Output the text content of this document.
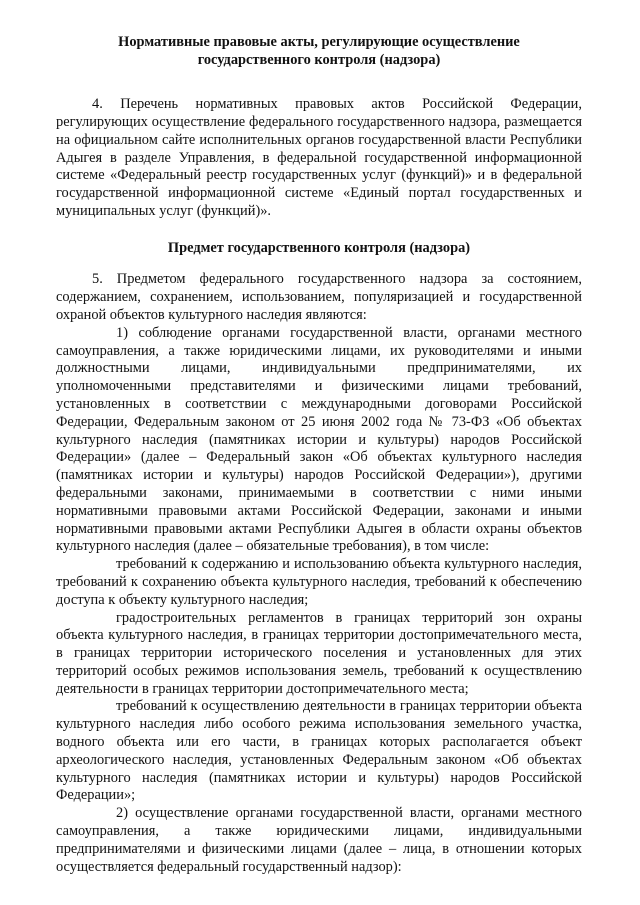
Нормативные правовые акты, регулирующие осуществление
государственного контроля (надзора)

4. Перечень нормативных правовых актов Российской Федерации, регулирующих осуществление федерального государственного надзора, размещается на официальном сайте исполнительных органов государственной власти Республики Адыгея в разделе Управления, в федеральной государственной информационной системе «Федеральный реестр государственных услуг (функций)» и в федеральной государственной информационной системе «Единый портал государственных и муниципальных услуг (функций)».

Предмет государственного контроля (надзора)

5. Предметом федерального государственного надзора за состоянием, содержанием, сохранением, использованием, популяризацией и государственной охраной объектов культурного наследия являются:

1) соблюдение органами государственной власти, органами местного самоуправления, а также юридическими лицами, их руководителями и иными должностными лицами, индивидуальными предпринимателями, их уполномоченными представителями и физическими лицами требований, установленных в соответствии с международными договорами Российской Федерации, Федеральным законом от 25 июня 2002 года № 73-ФЗ «Об объектах культурного наследия (памятниках истории и культуры) народов Российской Федерации» (далее – Федеральный закон «Об объектах культурного наследия (памятниках истории и культуры) народов Российской Федерации»), другими федеральными законами, принимаемыми в соответствии с ними иными нормативными правовыми актами Российской Федерации, законами и иными нормативными правовыми актами Республики Адыгея в области охраны объектов культурного наследия (далее – обязательные требования), в том числе:

требований к содержанию и использованию объекта культурного наследия, требований к сохранению объекта культурного наследия, требований к обеспечению доступа к объекту культурного наследия;

градостроительных регламентов в границах территорий зон охраны объекта культурного наследия, в границах территории достопримечательного места, в границах территории исторического поселения и установленных для этих территорий особых режимов использования земель, требований к осуществлению деятельности в границах территории достопримечательного места;

требований к осуществлению деятельности в границах территории объекта культурного наследия либо особого режима использования земельного участка, водного объекта или его части, в границах которых располагается объект археологического наследия, установленных Федеральным законом «Об объектах культурного наследия (памятниках истории и культуры) народов Российской Федерации»;

2) осуществление органами государственной власти, органами местного самоуправления, а также юридическими лицами, индивидуальными предпринимателями и физическими лицами (далее – лица, в отношении которых осуществляется федеральный государственный надзор):
